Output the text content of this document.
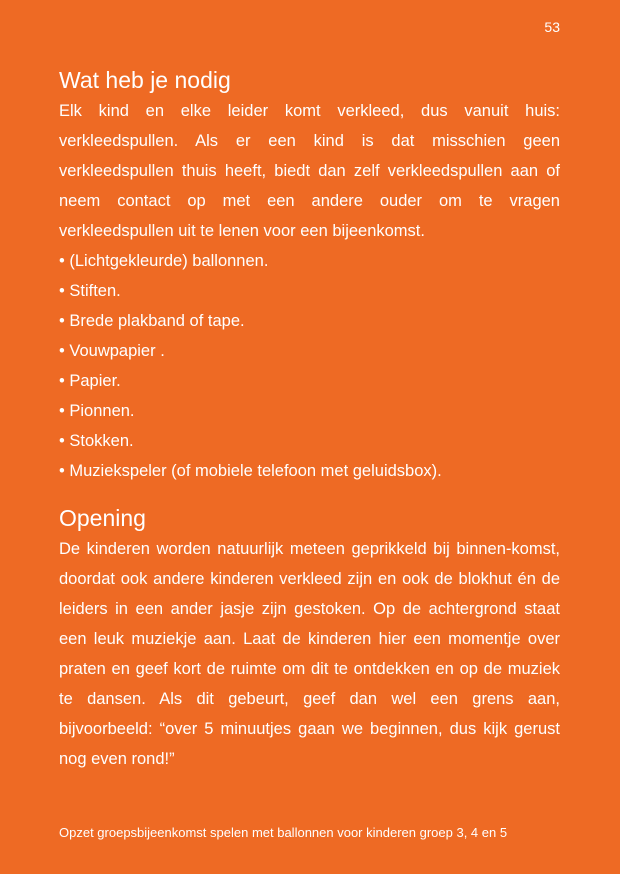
53
Wat heb je nodig

Elk kind en elke leider komt verkleed, dus vanuit huis: verkleedspullen. Als er een kind is dat misschien geen verkleedspullen thuis heeft, biedt dan zelf verkleedspullen aan of neem contact op met een andere ouder om te vragen verkleedspullen uit te lenen voor een bijeenkomst.

• (Lichtgekleurde) ballonnen.
• Stiften.
• Brede plakband of tape.
• Vouwpapier .
• Papier.
• Pionnen.
• Stokken.
• Muziekspeler (of mobiele telefoon met geluidsbox).
Opening

De kinderen worden natuurlijk meteen geprikkeld bij binnen-komst, doordat ook andere kinderen verkleed zijn en ook de blokhut én de leiders in een ander jasje zijn gestoken. Op de achtergrond staat een leuk muziekje aan. Laat de kinderen hier een momentje over praten en geef kort de ruimte om dit te ontdekken en op de muziek te dansen. Als dit gebeurt, geef dan wel een grens aan, bijvoorbeeld: “over 5 minuutjes gaan we beginnen, dus kijk gerust nog even rond!”

Opzet groepsbijeenkomst spelen met ballonnen voor kinderen groep 3, 4 en 5
